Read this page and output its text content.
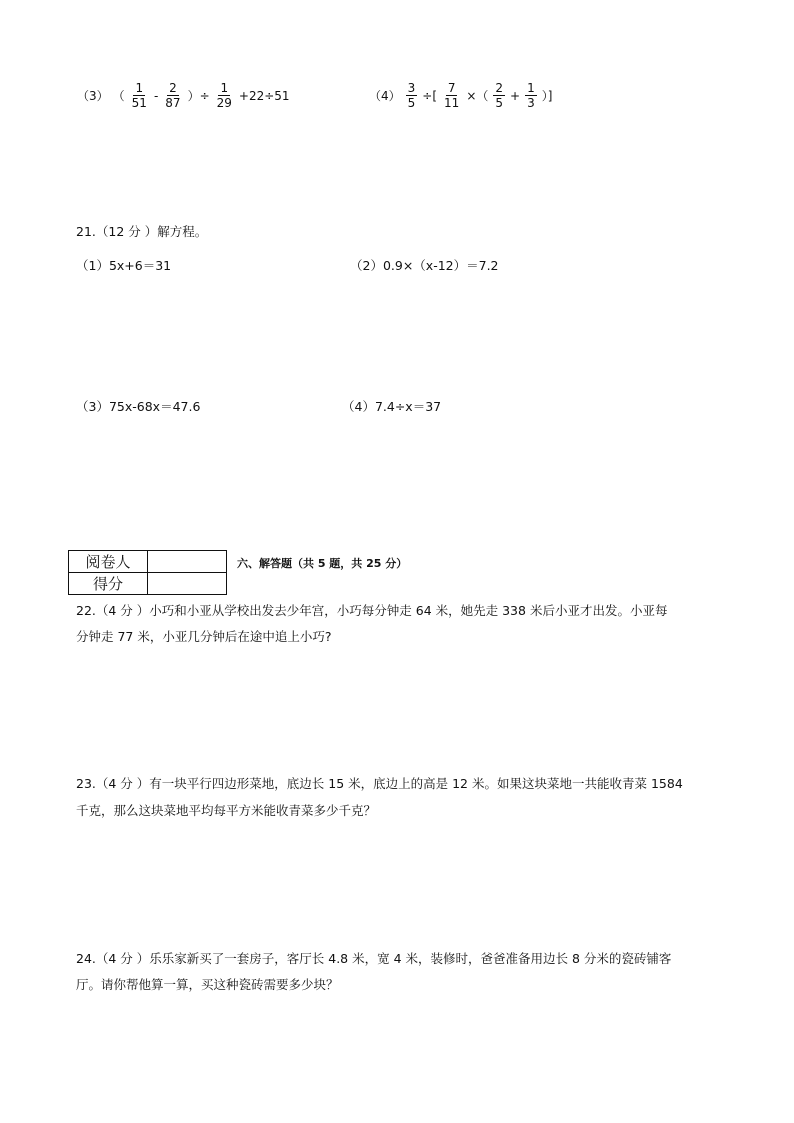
（3） （ $\frac{1}{51} - \frac{2}{87}$ ）÷ $\frac{1}{29} +22\div 51$	$(4) \frac{3}{5}$ ÷[ $\frac{7}{11}$ ×（ $\frac{2}{5} + \frac{1}{3}$ ）]
21.（12 分 ）解方程。
（1）5x+6＝31	（2）0.9×（x-12）＝7.2
（3）75x-68x＝47.6	（4）7.4÷x＝37
阅卷人	
得分	
六、解答题（共 5 题，共 25 分）
22.（4 分 ）小巧和小亚从学校出发去少年宫，小巧每分钟走 64 米，她先走 338 米后小亚才出发。小亚每
分钟走 77 米，小亚几分钟后在途中追上小巧?
23.（4 分 ）有一块平行四边形菜地，底边长 15 米，底边上的高是 12 米。如果这块菜地一共能收青菜 1584
千克，那么这块菜地平均每平方米能收青菜多少千克？
24.（4 分 ）乐乐家新买了一套房子，客厅长 4.8 米，宽 4 米，装修时，爸爸准备用边长 8 分米的瓷砖铺客
厅。请你帮他算一算，买这种瓷砖需要多少块？
